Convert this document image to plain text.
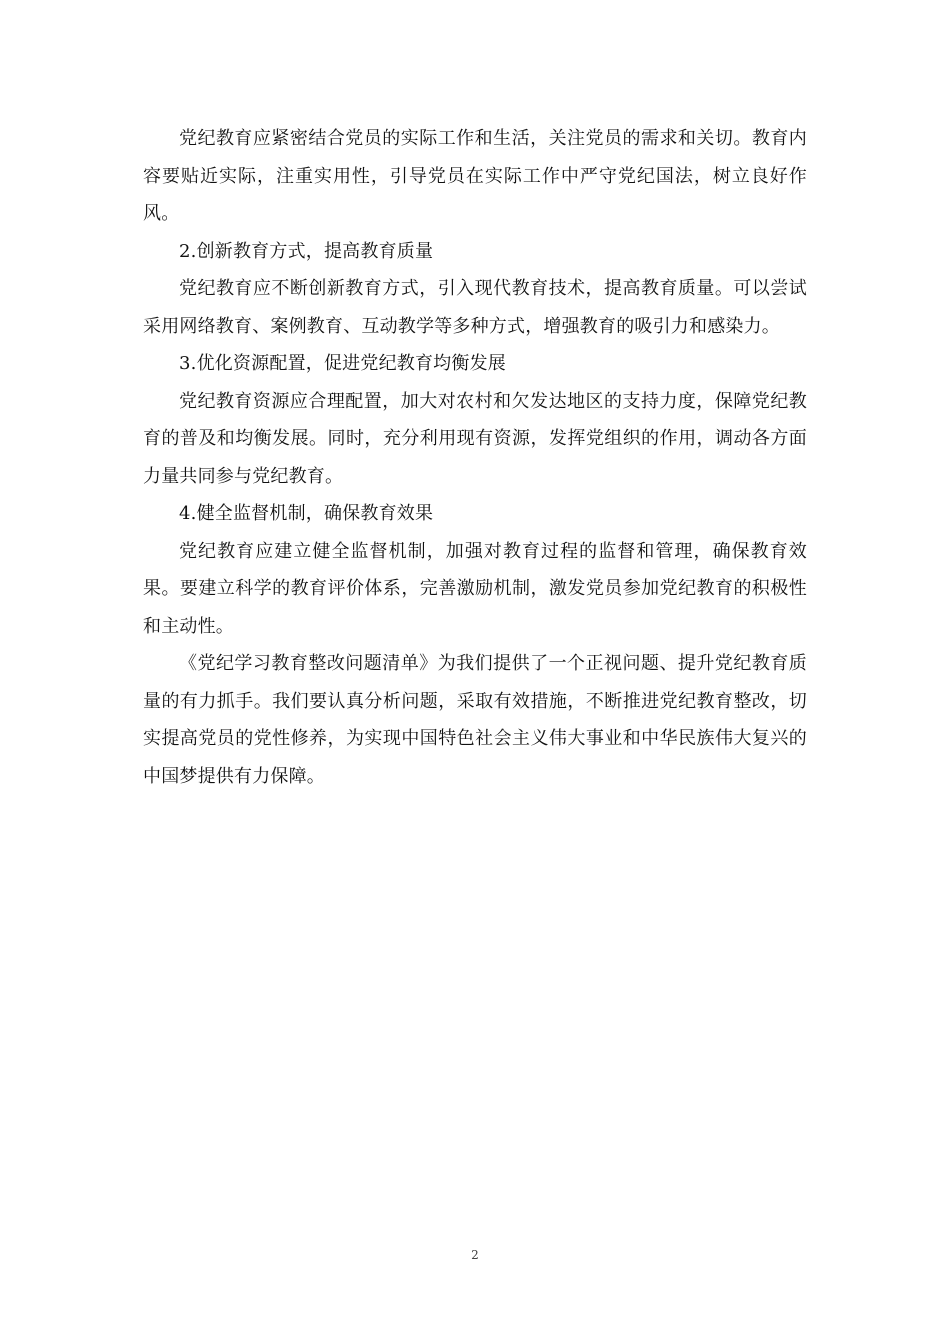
党纪教育应紧密结合党员的实际工作和生活，关注党员的需求和关切。教育内容要贴近实际，注重实用性，引导党员在实际工作中严守党纪国法，树立良好作风。

2.创新教育方式，提高教育质量

党纪教育应不断创新教育方式，引入现代教育技术，提高教育质量。可以尝试采用网络教育、案例教育、互动教学等多种方式，增强教育的吸引力和感染力。

3.优化资源配置，促进党纪教育均衡发展

党纪教育资源应合理配置，加大对农村和欠发达地区的支持力度，保障党纪教育的普及和均衡发展。同时，充分利用现有资源，发挥党组织的作用，调动各方面力量共同参与党纪教育。

4.健全监督机制，确保教育效果

党纪教育应建立健全监督机制，加强对教育过程的监督和管理，确保教育效果。要建立科学的教育评价体系，完善激励机制，激发党员参加党纪教育的积极性和主动性。

《党纪学习教育整改问题清单》为我们提供了一个正视问题、提升党纪教育质量的有力抓手。我们要认真分析问题，采取有效措施，不断推进党纪教育整改，切实提高党员的党性修养，为实现中国特色社会主义伟大事业和中华民族伟大复兴的中国梦提供有力保障。

2
